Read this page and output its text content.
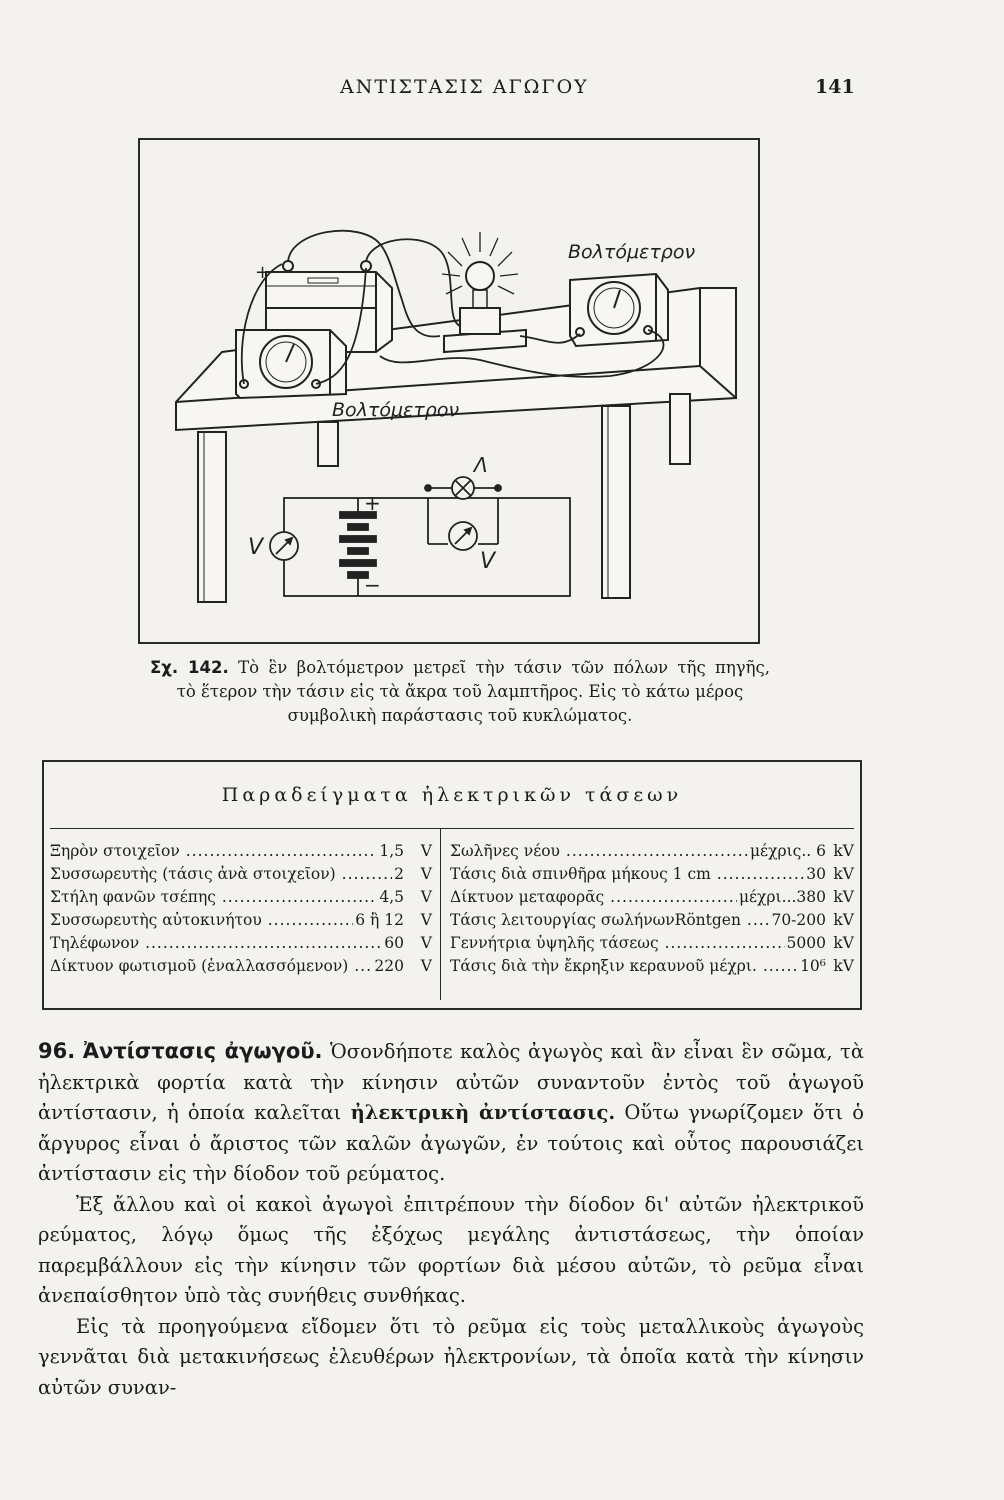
ΑΝΤΙΣΤΑΣΙΣ ΑΓΩΓΟΥ	141
+
Βολτόμετρον
Βολτόμετρον
Λ
+
−
V
V
Σχ. 142. Τὸ ἓν βολτόμετρον μετρεῖ τὴν τάσιν τῶν πόλων τῆς πηγῆς,
τὸ ἕτερον τὴν τάσιν εἰς τὰ ἄκρα τοῦ λαμπτῆρος. Εἰς τὸ κάτω μέρος
συμβολικὴ παράστασις τοῦ κυκλώματος.
Παραδείγματα ἠλεκτρικῶν τάσεων
Ξηρὸν στοιχεῖον .....	1,5	V
Συσσωρευτὴς (τάσις ἀνὰ στοιχεῖον) .....	2	V
Στήλη φανῶν τσέπης .....	4,5	V
Συσσωρευτὴς αὐτοκινήτου .....	6 ἢ 12	V
Τηλέφωνον .....	60	V
Δίκτυον φωτισμοῦ (ἐναλλασσόμενον) .....	220	V
Σωλῆνες νέου .....	μέχρις.. 6 kV
Τάσις διὰ σπινθῆρα μήκους 1 cm .....	30 kV
Δίκτυον μεταφορᾶς .....	μέχρι...380 kV
Τάσις λειτουργίας σωλήνωνRöntgen .....	70-200 kV
Γεννήτρια ὑψηλῆς τάσεως .....	5000 kV
Τάσις διὰ τὴν ἔκρηξιν κεραυνοῦ μέχρι. .....	10⁶ kV

96. Ἀντίστασις ἀγωγοῦ. Ὁσονδήποτε καλὸς ἀγωγὸς καὶ ἂν εἶναι ἓν σῶμα, τὰ ἠλεκτρικὰ φορτία κατὰ τὴν κίνησιν αὐτῶν συναντοῦν ἐντὸς τοῦ ἀγωγοῦ ἀντίστασιν, ἡ ὁποία καλεῖται ἠλεκτρικὴ ἀντίστασις. Οὕτω γνωρίζομεν ὅτι ὁ ἄργυρος εἶναι ὁ ἄριστος τῶν καλῶν ἀγωγῶν, ἐν τούτοις καὶ οὗτος παρουσιάζει ἀντίστασιν εἰς τὴν δίοδον τοῦ ρεύματος.

Ἐξ ἄλλου καὶ οἱ κακοὶ ἀγωγοὶ ἐπιτρέπουν τὴν δίοδον δι' αὐτῶν ἠλεκτρικοῦ ρεύματος, λόγῳ ὅμως τῆς ἐξόχως μεγάλης ἀντιστάσεως, τὴν ὁποίαν παρεμβάλλουν εἰς τὴν κίνησιν τῶν φορτίων διὰ μέσου αὐτῶν, τὸ ρεῦμα εἶναι ἀνεπαίσθητον ὑπὸ τὰς συνήθεις συνθήκας.

Εἰς τὰ προηγούμενα εἴδομεν ὅτι τὸ ρεῦμα εἰς τοὺς μεταλλικοὺς ἀγωγοὺς γεννᾶται διὰ μετακινήσεως ἐλευθέρων ἠλεκτρονίων, τὰ ὁποῖα κατὰ τὴν κίνησιν αὐτῶν συναν-
